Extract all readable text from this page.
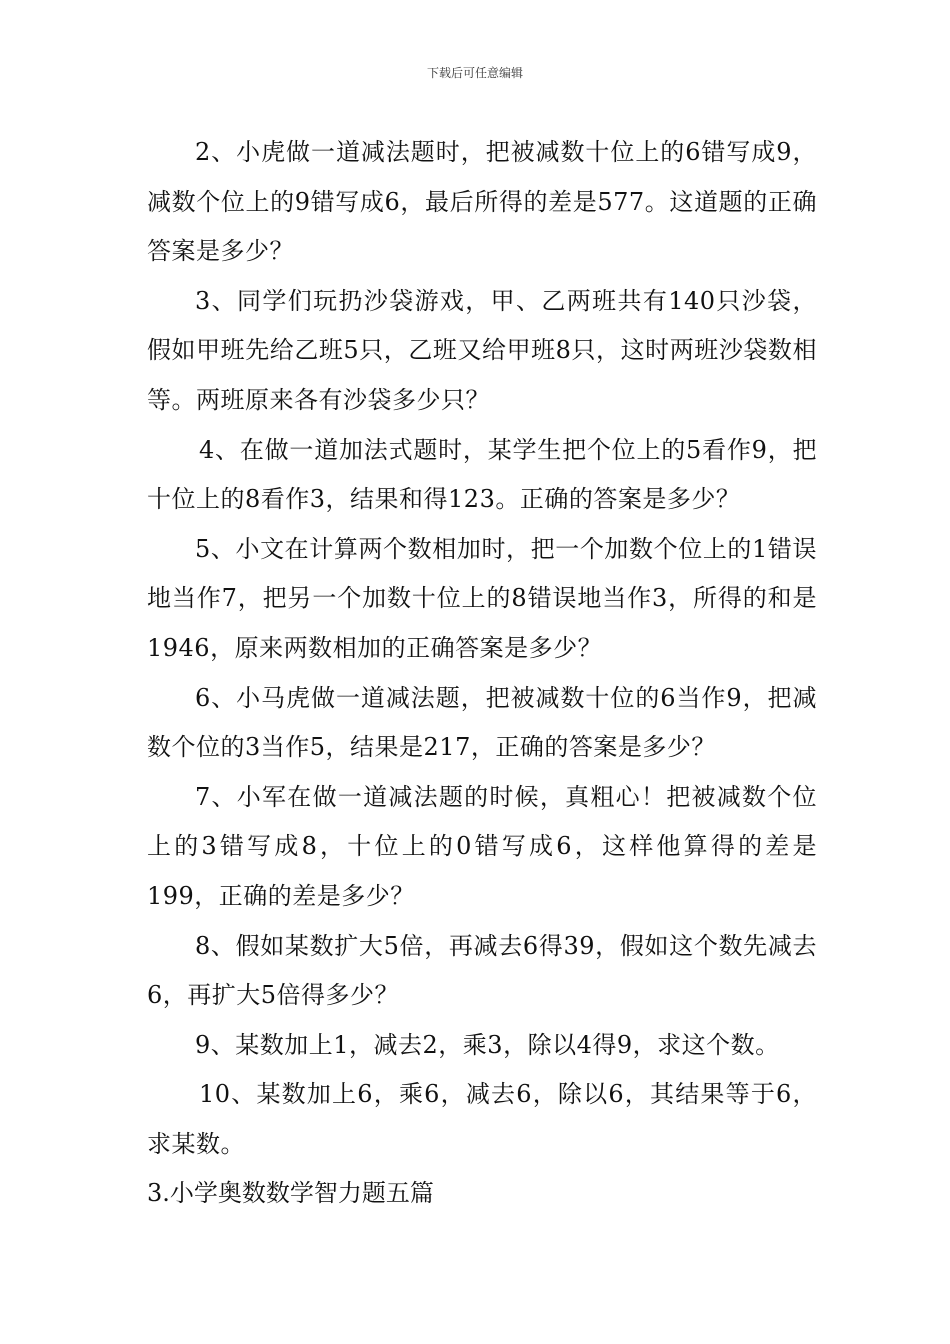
下载后可任意编辑

2、小虎做一道减法题时，把被减数十位上的6错写成9，减数个位上的9错写成6，最后所得的差是577。这道题的正确答案是多少？

3、同学们玩扔沙袋游戏，甲、乙两班共有140只沙袋，假如甲班先给乙班5只，乙班又给甲班8只，这时两班沙袋数相等。两班原来各有沙袋多少只？

4、在做一道加法式题时，某学生把个位上的5看作9，把十位上的8看作3，结果和得123。正确的答案是多少？

5、小文在计算两个数相加时，把一个加数个位上的1错误地当作7，把另一个加数十位上的8错误地当作3，所得的和是1946，原来两数相加的正确答案是多少？

6、小马虎做一道减法题，把被减数十位的6当作9，把减数个位的3当作5，结果是217，正确的答案是多少？

7、小军在做一道减法题的时候，真粗心！把被减数个位上的3错写成8，十位上的0错写成6，这样他算得的差是199，正确的差是多少？

8、假如某数扩大5倍，再减去6得39，假如这个数先减去6，再扩大5倍得多少？

9、某数加上1，减去2，乘3，除以4得9，求这个数。

10、某数加上6，乘6，减去6，除以6，其结果等于6，求某数。

3.小学奥数数学智力题五篇
